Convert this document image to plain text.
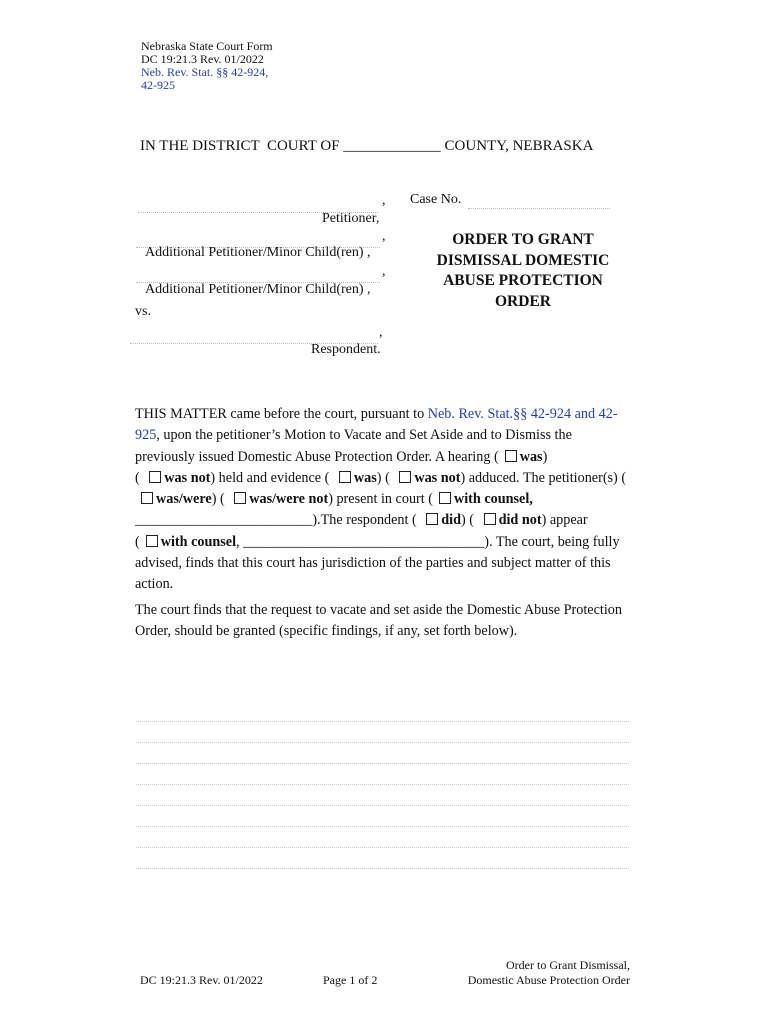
Nebraska State Court Form
DC 19:21.3 Rev. 01/2022
Neb. Rev. Stat. §§ 42-924,
42-925
IN THE DISTRICT  COURT OF _____________ COUNTY, NEBRASKA
,
Petitioner,
,
Additional Petitioner/Minor Child(ren) ,
,
Additional Petitioner/Minor Child(ren) ,
vs.
,
Respondent.
Case No.
ORDER TO GRANT
DISMISSAL DOMESTIC
ABUSE PROTECTION
ORDER
THIS MATTER came before the court, pursuant to Neb. Rev. Stat.§§ 42-924 and 42-925, upon the petitioner’s Motion to Vacate and Set Aside and to Dismiss the previously issued Domestic Abuse Protection Order. A hearing ( was)
( was not) held and evidence ( was) ( was not) adduced. The petitioner(s) ( was/were) ( was/were not) present in court ( with counsel,
_________________________).The respondent ( did) ( did not) appear
( with counsel, __________________________________). The court, being fully advised, finds that this court has jurisdiction of the parties and subject matter of this action.
The court finds that the request to vacate and set aside the Domestic Abuse Protection Order, should be granted (specific findings, if any, set forth below).
DC 19:21.3 Rev. 01/2022	Page 1 of 2
Order to Grant Dismissal,
Domestic Abuse Protection Order
